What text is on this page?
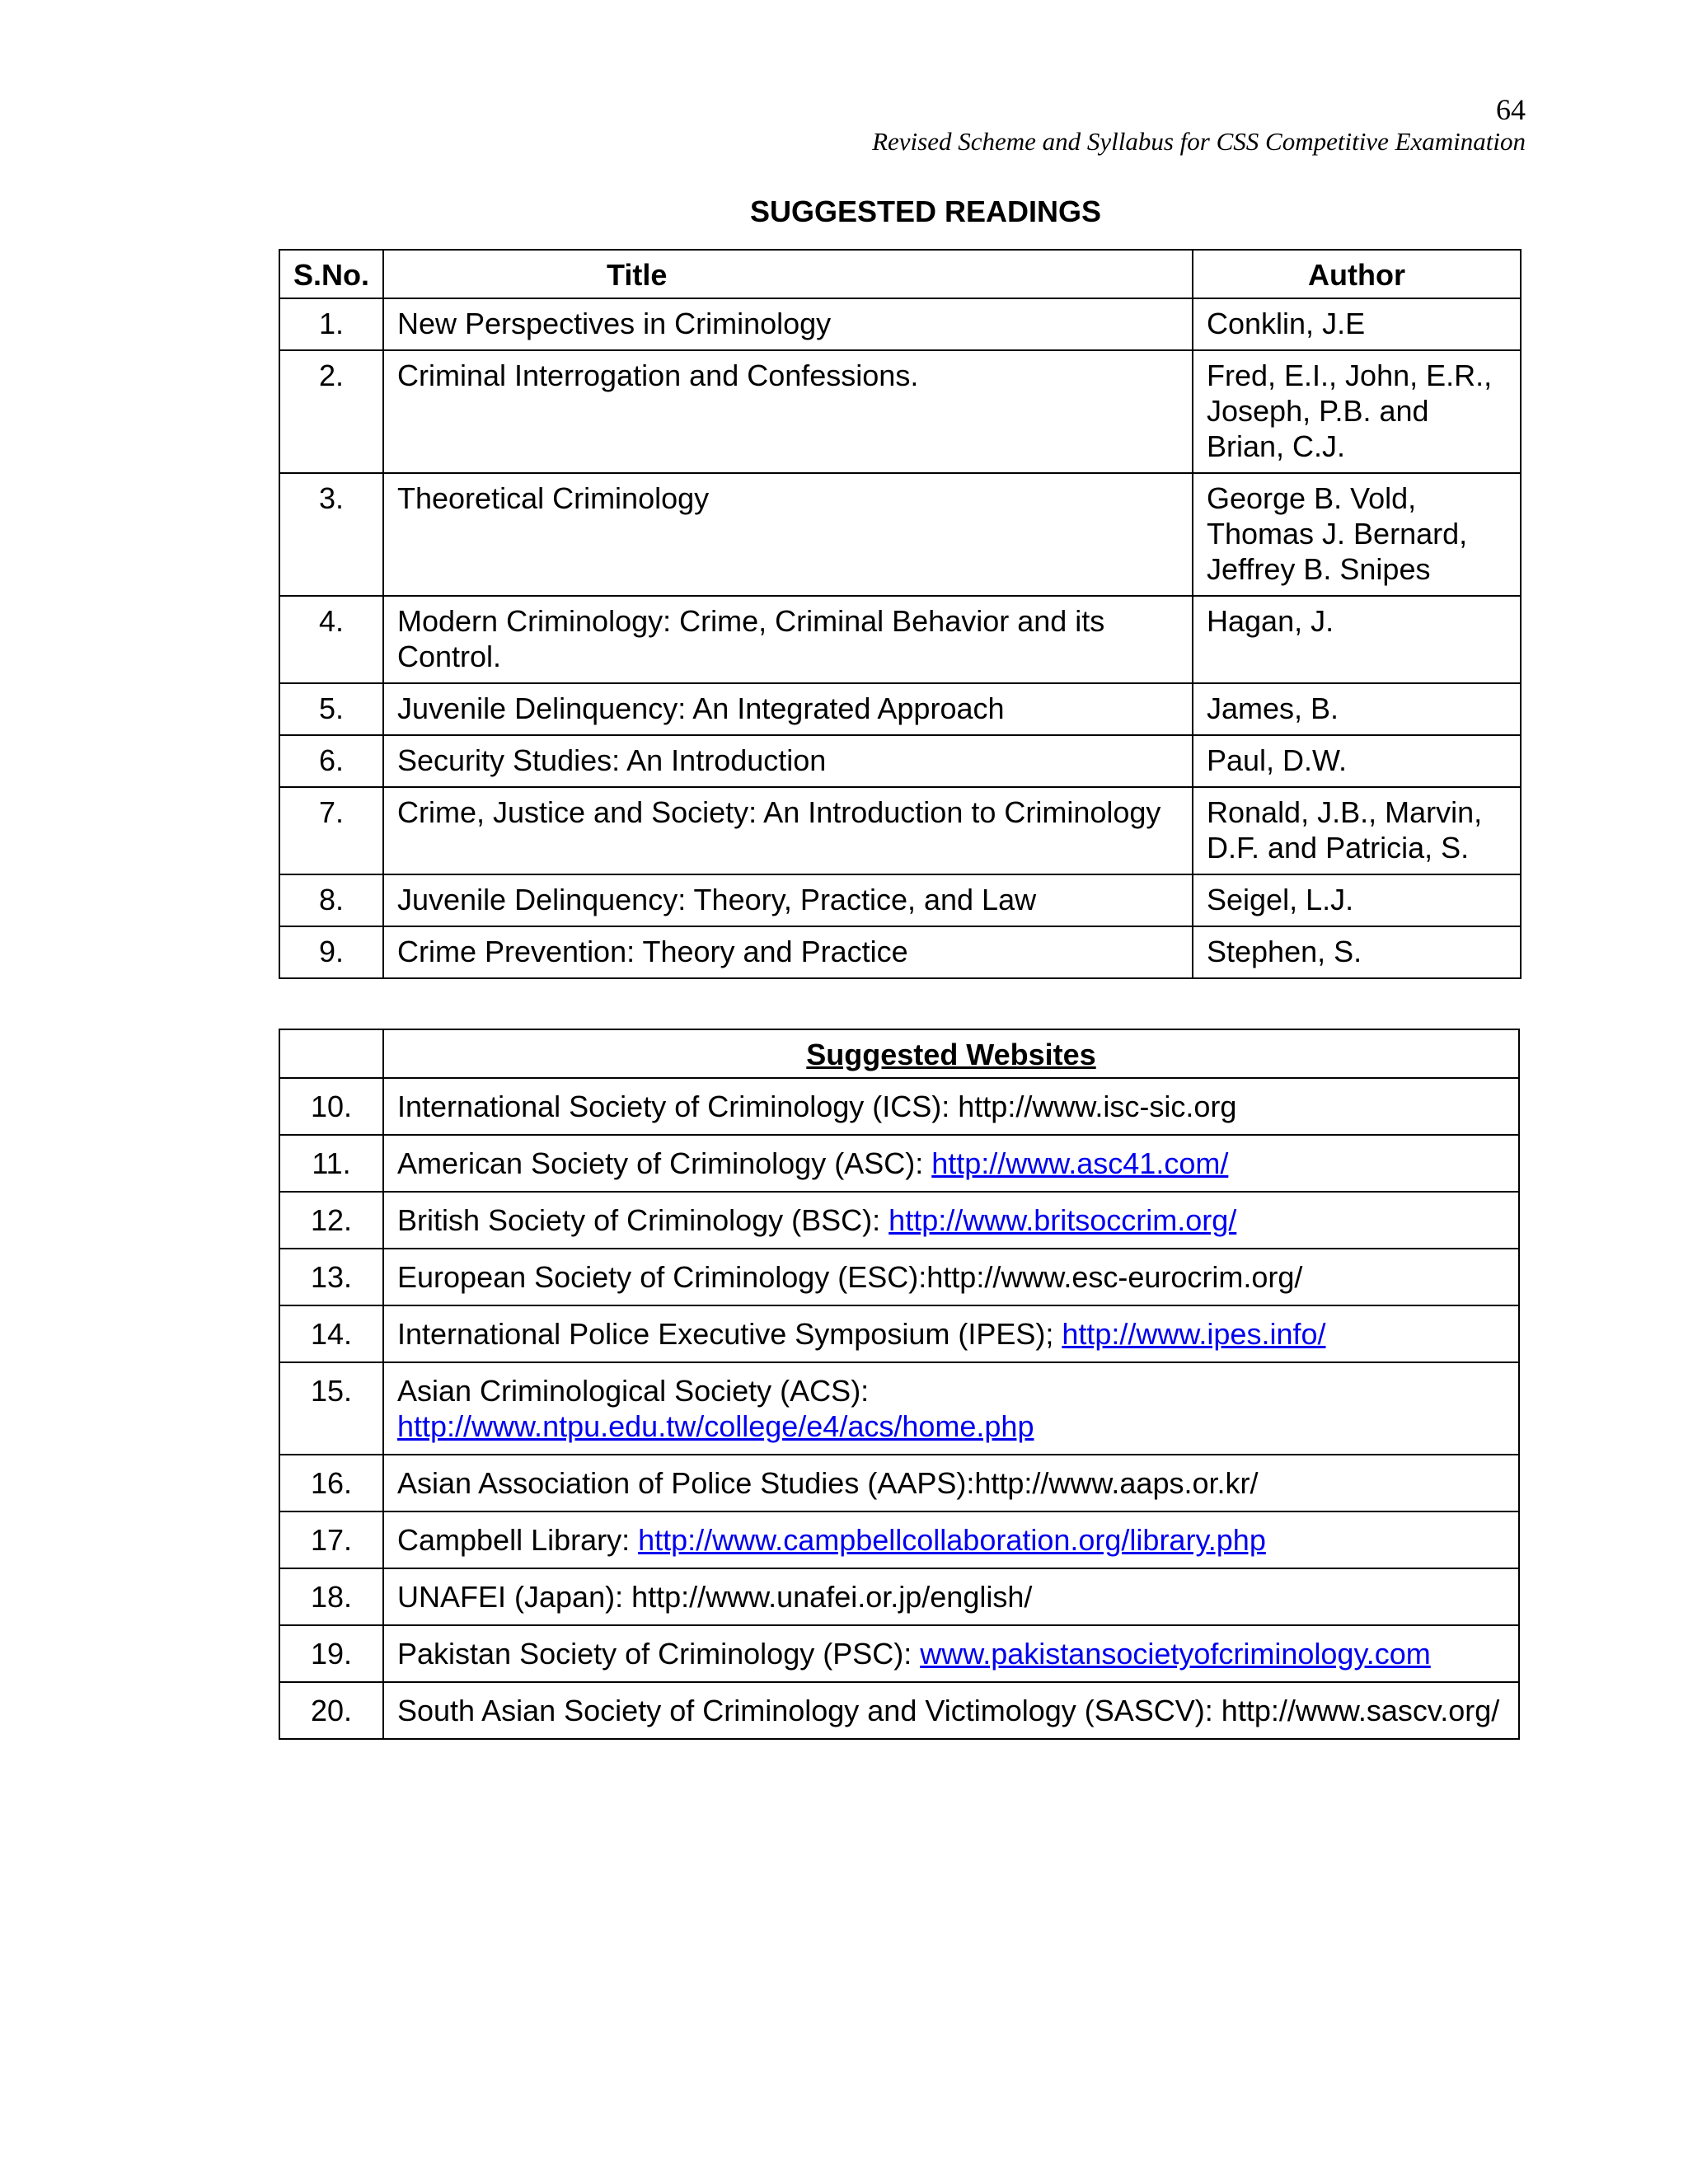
64
Revised Scheme and Syllabus for CSS Competitive Examination
SUGGESTED READINGS
S.No.	Title	Author
1.	New Perspectives in Criminology	Conklin, J.E
2.	Criminal Interrogation and Confessions.	Fred, E.I., John, E.R., Joseph, P.B. and Brian, C.J.
3.	Theoretical Criminology	George B. Vold, Thomas J. Bernard, Jeffrey B. Snipes
4.	Modern Criminology: Crime, Criminal Behavior and its Control.	Hagan, J.
5.	Juvenile Delinquency: An Integrated Approach	James, B.
6.	Security Studies: An Introduction	Paul, D.W.
7.	Crime, Justice and Society: An Introduction to Criminology	Ronald, J.B., Marvin, D.F. and Patricia, S.
8.	Juvenile Delinquency: Theory, Practice, and Law	Seigel, L.J.
9.	Crime Prevention: Theory and Practice	Stephen, S.
	Suggested Websites
10.	International Society of Criminology (ICS): http://www.isc-sic.org
11.	American Society of Criminology (ASC): http://www.asc41.com/
12.	British Society of Criminology (BSC): http://www.britsoccrim.org/
13.	European Society of Criminology (ESC):http://www.esc-eurocrim.org/
14.	International Police Executive Symposium (IPES); http://www.ipes.info/
15.	Asian Criminological Society (ACS):
http://www.ntpu.edu.tw/college/e4/acs/home.php
16.	Asian Association of Police Studies (AAPS):http://www.aaps.or.kr/
17.	Campbell Library: http://www.campbellcollaboration.org/library.php
18.	UNAFEI (Japan): http://www.unafei.or.jp/english/
19.	Pakistan Society of Criminology (PSC): www.pakistansocietyofcriminology.com
20.	South Asian Society of Criminology and Victimology (SASCV): http://www.sascv.org/
